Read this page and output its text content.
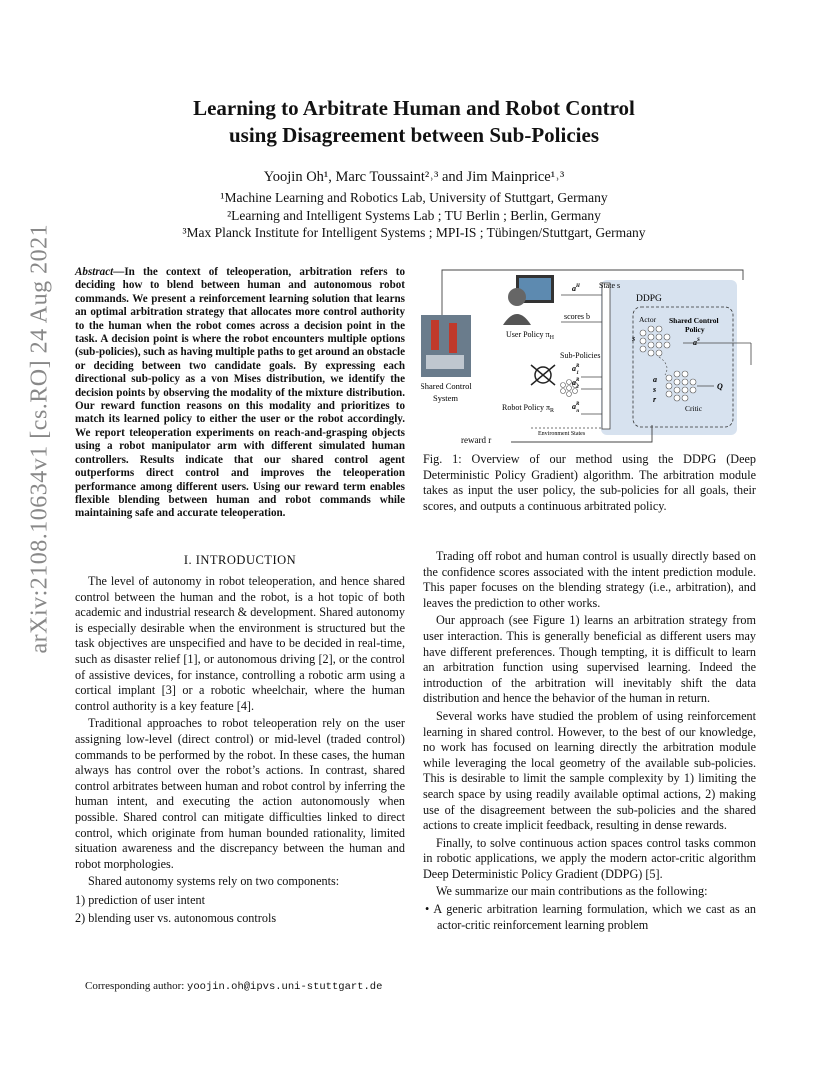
Learning to Arbitrate Human and Robot Control
using Disagreement between Sub-Policies
Yoojin Oh¹, Marc Toussaint²˒³ and Jim Mainprice¹˒³
¹Machine Learning and Robotics Lab, University of Stuttgart, Germany
²Learning and Intelligent Systems Lab ; TU Berlin ; Berlin, Germany
³Max Planck Institute for Intelligent Systems ; MPI-IS ; Tübingen/Stuttgart, Germany
arXiv:2108.10634v1 [cs.RO] 24 Aug 2021 Abstract—In the context of teleoperation, arbitration refers to deciding how to blend between human and autonomous robot commands. We present a reinforcement learning solution that learns an optimal arbitration strategy that allocates more control authority to the human when the robot comes across a decision point in the task. A decision point is where the robot encounters multiple options (sub-policies), such as having multiple paths to get around an obstacle or deciding between two candidate goals. By expressing each directional sub-policy as a von Mises distribution, we identify the decision points by observing the modality of the mixture distribution. Our reward function reasons on this modality and prioritizes to match its learned policy to either the user or the robot accordingly. We report teleoperation experiments on reach-and-grasping objects using a robot manipulator arm with different simulated human controllers. Results indicate that our shared control agent outperforms direct control and improves the teleoperation performance among different users. Using our reward term enables flexible blending between human and robot commands while maintaining safe and accurate teleoperation.
I. INTRODUCTION

The level of autonomy in robot teleoperation, and hence shared control between the human and the robot, is a hot topic of both academic and industrial research & development. Shared autonomy is especially desirable when the environment is structured but the task objectives are unspecified and have to be decided in real-time, such as disaster relief [1], or autonomous driving [2], or the control of assistive devices, for instance, controlling a robotic arm using a cortical implant [3] or a robotic wheelchair, where the human control authority is a key feature [4].

Traditional approaches to robot teleoperation rely on the user assigning low-level (direct control) or mid-level (traded control) commands to be performed by the robot. In these cases, the human always has control over the robot’s actions. In contrast, shared control arbitrates between human and robot control by inferring the human intent, and executing the action autonomously when possible. Shared control can mitigate difficulties linked to direct control, which originate from human bounded rationality, limited situation awareness and the discrepancy between the human and robot morphologies.

Shared autonomy systems rely on two components:

1) prediction of user intent
2) blending user vs. autonomous controls
Corresponding author: yoojin.oh@ipvs.uni-stuttgart.de
DDPG
reward r
State s
User Policy $\pi_H$
$a^H$
scores b
Sub-Policies
Shared Control System
Robot Policy $\pi_R$
$a^R$ 1
$a^R$ 2
$a^R$ n
Environment States
Actor
s
Shared Control Policy
$a^S$
a
s
r
Q
Critic
Fig. 1: Overview of our method using the DDPG (Deep Deterministic Policy Gradient) algorithm. The arbitration module takes as input the user policy, the sub-policies for all goals, their scores, and outputs a continuous arbitrated policy.

Trading off robot and human control is usually directly based on the confidence scores associated with the intent prediction module. This paper focuses on the blending strategy (i.e., arbitration), and leaves the prediction to other works.

Our approach (see Figure 1) learns an arbitration strategy from user interaction. This is generally beneficial as different users may have different preferences. Though tempting, it is difficult to learn an arbitration function using supervised learning. Indeed the introduction of the arbitration will inevitably shift the data distribution and hence the behavior of the human in return.

Several works have studied the problem of using reinforcement learning in shared control. However, to the best of our knowledge, no work has focused on learning directly the arbitration module while leveraging the local geometry of the available sub-policies. This is desirable to limit the sample complexity by 1) limiting the search space by using readily available optimal actions, 2) making use of the disagreement between the sub-policies and the shared actions to create implicit feedback, resulting in dense rewards.

Finally, to solve continuous action spaces control tasks common in robotic applications, we apply the modern actor-critic algorithm Deep Deterministic Policy Gradient (DDPG) [5].

We summarize our main contributions as the following:

• A generic arbitration learning formulation, which we cast as an actor-critic reinforcement learning problem
